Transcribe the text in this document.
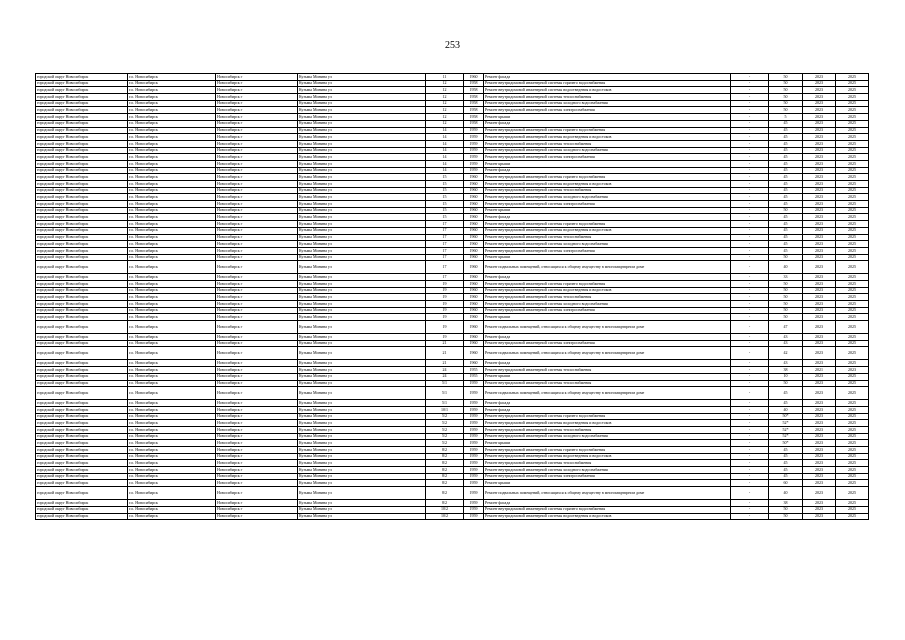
253
городской округ Новосибирск	г.о. Новосибирск	Новосибирск г	Кузьмы Минина ул	11	1960	Ремонт фасада	-	50	2023	2025
городской округ Новосибирск	г.о. Новосибирск	Новосибирск г	Кузьмы Минина ул	12	1958	Ремонт внутридомовой инженерной системы горячего водоснабжения	-	50	2023	2025
городской округ Новосибирск	г.о. Новосибирск	Новосибирск г	Кузьмы Минина ул	12	1958	Ремонт внутридомовой инженерной системы водоотведения и водостоков	-	50	2023	2025
городской округ Новосибирск	г.о. Новосибирск	Новосибирск г	Кузьмы Минина ул	12	1958	Ремонт внутридомовой инженерной системы теплоснабжения	-	50	2023	2025
городской округ Новосибирск	г.о. Новосибирск	Новосибирск г	Кузьмы Минина ул	12	1958	Ремонт внутридомовой инженерной системы холодного водоснабжения	-	50	2023	2025
городской округ Новосибирск	г.о. Новосибирск	Новосибирск г	Кузьмы Минина ул	12	1958	Ремонт внутридомовой инженерной системы электроснабжения	-	50	2023	2025
городской округ Новосибирск	г.о. Новосибирск	Новосибирск г	Кузьмы Минина ул	12	1958	Ремонт крыши	-	5	2023	2025
городской округ Новосибирск	г.о. Новосибирск	Новосибирск г	Кузьмы Минина ул	12	1958	Ремонт фасада	-	45	2023	2025
городской округ Новосибирск	г.о. Новосибирск	Новосибирск г	Кузьмы Минина ул	14	1959	Ремонт внутридомовой инженерной системы горячего водоснабжения	-	45	2023	2025
городской округ Новосибирск	г.о. Новосибирск	Новосибирск г	Кузьмы Минина ул	14	1959	Ремонт внутридомовой инженерной системы водоотведения и водостоков	-	45	2023	2025
городской округ Новосибирск	г.о. Новосибирск	Новосибирск г	Кузьмы Минина ул	14	1959	Ремонт внутридомовой инженерной системы теплоснабжения	-	45	2023	2025
городской округ Новосибирск	г.о. Новосибирск	Новосибирск г	Кузьмы Минина ул	14	1959	Ремонт внутридомовой инженерной системы холодного водоснабжения	-	45	2023	2025
городской округ Новосибирск	г.о. Новосибирск	Новосибирск г	Кузьмы Минина ул	14	1959	Ремонт внутридомовой инженерной системы электроснабжения	-	45	2023	2025
городской округ Новосибирск	г.о. Новосибирск	Новосибирск г	Кузьмы Минина ул	14	1959	Ремонт крыши	-	45	2023	2025
городской округ Новосибирск	г.о. Новосибирск	Новосибирск г	Кузьмы Минина ул	14	1959	Ремонт фасада	-	45	2023	2025
городской округ Новосибирск	г.о. Новосибирск	Новосибирск г	Кузьмы Минина ул	15	1960	Ремонт внутридомовой инженерной системы горячего водоснабжения	-	45	2023	2025
городской округ Новосибирск	г.о. Новосибирск	Новосибирск г	Кузьмы Минина ул	15	1960	Ремонт внутридомовой инженерной системы водоотведения и водостоков	-	45	2023	2025
городской округ Новосибирск	г.о. Новосибирск	Новосибирск г	Кузьмы Минина ул	15	1960	Ремонт внутридомовой инженерной системы теплоснабжения	-	45	2023	2025
городской округ Новосибирск	г.о. Новосибирск	Новосибирск г	Кузьмы Минина ул	15	1960	Ремонт внутридомовой инженерной системы холодного водоснабжения	-	45	2023	2025
городской округ Новосибирск	г.о. Новосибирск	Новосибирск г	Кузьмы Минина ул	15	1960	Ремонт внутридомовой инженерной системы электроснабжения	-	45	2023	2025
городской округ Новосибирск	г.о. Новосибирск	Новосибирск г	Кузьмы Минина ул	15	1960	Ремонт крыши	-	50	2023	2025
городской округ Новосибирск	г.о. Новосибирск	Новосибирск г	Кузьмы Минина ул	15	1960	Ремонт фасада	-	45	2023	2025
городской округ Новосибирск	г.о. Новосибирск	Новосибирск г	Кузьмы Минина ул	17	1960	Ремонт внутридомовой инженерной системы горячего водоснабжения	-	45	2023	2025
городской округ Новосибирск	г.о. Новосибирск	Новосибирск г	Кузьмы Минина ул	17	1960	Ремонт внутридомовой инженерной системы водоотведения и водостоков	-	45	2023	2025
городской округ Новосибирск	г.о. Новосибирск	Новосибирск г	Кузьмы Минина ул	17	1960	Ремонт внутридомовой инженерной системы теплоснабжения	-	45	2023	2025
городской округ Новосибирск	г.о. Новосибирск	Новосибирск г	Кузьмы Минина ул	17	1960	Ремонт внутридомовой инженерной системы холодного водоснабжения	-	45	2023	2025
городской округ Новосибирск	г.о. Новосибирск	Новосибирск г	Кузьмы Минина ул	17	1960	Ремонт внутридомовой инженерной системы электроснабжения	-	45	2023	2025
городской округ Новосибирск	г.о. Новосибирск	Новосибирск г	Кузьмы Минина ул	17	1960	Ремонт крыши	-	50	2023	2025
городской округ Новосибирск	г.о. Новосибирск	Новосибирск г	Кузьмы Минина ул	17	1960	Ремонт подвальных помещений, относящихся к общему имуществу в многоквартирном доме	-	40	2023	2025
городской округ Новосибирск	г.о. Новосибирск	Новосибирск г	Кузьмы Минина ул	17	1960	Ремонт фасада	-	33	2023	2025
городской округ Новосибирск	г.о. Новосибирск	Новосибирск г	Кузьмы Минина ул	19	1960	Ремонт внутридомовой инженерной системы горячего водоснабжения	-	50	2023	2025
городской округ Новосибирск	г.о. Новосибирск	Новосибирск г	Кузьмы Минина ул	19	1960	Ремонт внутридомовой инженерной системы водоотведения и водостоков	-	50	2023	2025
городской округ Новосибирск	г.о. Новосибирск	Новосибирск г	Кузьмы Минина ул	19	1960	Ремонт внутридомовой инженерной системы теплоснабжения	-	50	2023	2025
городской округ Новосибирск	г.о. Новосибирск	Новосибирск г	Кузьмы Минина ул	19	1960	Ремонт внутридомовой инженерной системы холодного водоснабжения	-	50	2023	2025
городской округ Новосибирск	г.о. Новосибирск	Новосибирск г	Кузьмы Минина ул	19	1960	Ремонт внутридомовой инженерной системы электроснабжения	-	50	2023	2025
городской округ Новосибирск	г.о. Новосибирск	Новосибирск г	Кузьмы Минина ул	19	1960	Ремонт крыши	-	50	2023	2025
городской округ Новосибирск	г.о. Новосибирск	Новосибирск г	Кузьмы Минина ул	19	1960	Ремонт подвальных помещений, относящихся к общему имуществу в многоквартирном доме	-	47	2023	2025
городской округ Новосибирск	г.о. Новосибирск	Новосибирск г	Кузьмы Минина ул	19	1960	Ремонт фасада	-	43	2023	2025
городской округ Новосибирск	г.о. Новосибирск	Новосибирск г	Кузьмы Минина ул	21	1960	Ремонт внутридомовой инженерной системы электроснабжения	-	43	2023	2025
городской округ Новосибирск	г.о. Новосибирск	Новосибирск г	Кузьмы Минина ул	21	1960	Ремонт подвальных помещений, относящихся к общему имуществу в многоквартирном доме	-	42	2023	2025
городской округ Новосибирск	г.о. Новосибирск	Новосибирск г	Кузьмы Минина ул	21	1960	Ремонт фасада	-	43	2023	2025
городской округ Новосибирск	г.о. Новосибирск	Новосибирск г	Кузьмы Минина ул	24	1955	Ремонт внутридомовой инженерной системы теплоснабжения	-	38	2021	2023
городской округ Новосибирск	г.о. Новосибирск	Новосибирск г	Кузьмы Минина ул	24	1955	Ремонт крыши	-	10	2023	2025
городской округ Новосибирск	г.о. Новосибирск	Новосибирск г	Кузьмы Минина ул	5/1	1959	Ремонт внутридомовой инженерной системы теплоснабжения	-	50	2023	2025
городской округ Новосибирск	г.о. Новосибирск	Новосибирск г	Кузьмы Минина ул	5/1	1959	Ремонт подвальных помещений, относящихся к общему имуществу в многоквартирном доме	-	45	2023	2025
городской округ Новосибирск	г.о. Новосибирск	Новосибирск г	Кузьмы Минина ул	5/1	1959	Ремонт фасада	-	45	2023	2025
городской округ Новосибирск	г.о. Новосибирск	Новосибирск г	Кузьмы Минина ул	10/1	1959	Ремонт фасада	-	40	2023	2025
городской округ Новосибирск	г.о. Новосибирск	Новосибирск г	Кузьмы Минина ул	5/2	1959	Ремонт внутридомовой инженерной системы горячего водоснабжения	-	50*	2023	2025
городской округ Новосибирск	г.о. Новосибирск	Новосибирск г	Кузьмы Минина ул	5/2	1959	Ремонт внутридомовой инженерной системы водоотведения и водостоков	-	52*	2023	2025
городской округ Новосибирск	г.о. Новосибирск	Новосибирск г	Кузьмы Минина ул	5/2	1959	Ремонт внутридомовой инженерной системы теплоснабжения	-	52*	2023	2025
городской округ Новосибирск	г.о. Новосибирск	Новосибирск г	Кузьмы Минина ул	5/2	1959	Ремонт внутридомовой инженерной системы холодного водоснабжения	-	52*	2023	2025
городской округ Новосибирск	г.о. Новосибирск	Новосибирск г	Кузьмы Минина ул	5/2	1959	Ремонт крыши	-	50*	2023	2025
городской округ Новосибирск	г.о. Новосибирск	Новосибирск г	Кузьмы Минина ул	8/2	1959	Ремонт внутридомовой инженерной системы горячего водоснабжения	-	45	2023	2025
городской округ Новосибирск	г.о. Новосибирск	Новосибирск г	Кузьмы Минина ул	8/2	1959	Ремонт внутридомовой инженерной системы водоотведения и водостоков	-	45	2023	2025
городской округ Новосибирск	г.о. Новосибирск	Новосибирск г	Кузьмы Минина ул	8/2	1959	Ремонт внутридомовой инженерной системы теплоснабжения	-	45	2023	2025
городской округ Новосибирск	г.о. Новосибирск	Новосибирск г	Кузьмы Минина ул	8/2	1959	Ремонт внутридомовой инженерной системы холодного водоснабжения	-	45	2023	2025
городской округ Новосибирск	г.о. Новосибирск	Новосибирск г	Кузьмы Минина ул	8/2	1959	Ремонт внутридомовой инженерной системы электроснабжения	-	45	2023	2025
городской округ Новосибирск	г.о. Новосибирск	Новосибирск г	Кузьмы Минина ул	8/2	1959	Ремонт крыши	-	60	2023	2025
городской округ Новосибирск	г.о. Новосибирск	Новосибирск г	Кузьмы Минина ул	8/2	1959	Ремонт подвальных помещений, относящихся к общему имуществу в многоквартирном доме	-	40	2023	2025
городской округ Новосибирск	г.о. Новосибирск	Новосибирск г	Кузьмы Минина ул	8/2	1959	Ремонт фасада	-	38	2023	2025
городской округ Новосибирск	г.о. Новосибирск	Новосибирск г	Кузьмы Минина ул	10/2	1959	Ремонт внутридомовой инженерной системы горячего водоснабжения	-	50	2023	2025
городской округ Новосибирск	г.о. Новосибирск	Новосибирск г	Кузьмы Минина ул	10/2	1959	Ремонт внутридомовой инженерной системы водоотведения и водостоков	-	50	2023	2025
